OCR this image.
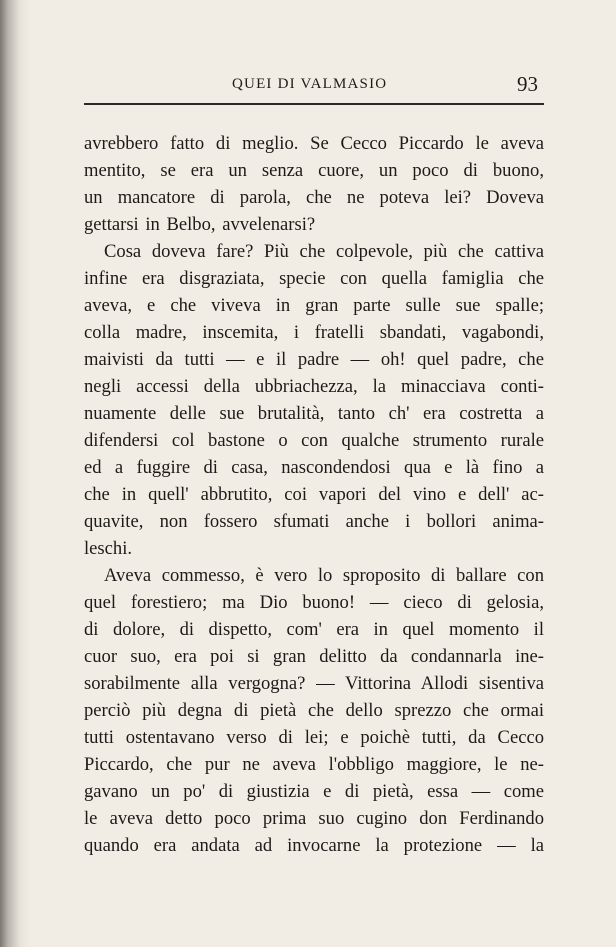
QUEI DI VALMASIO	93
avrebbero fatto di meglio. Se Cecco Piccardo le aveva
mentito, se era un senza cuore, un poco di buono,
un mancatore di parola, che ne poteva lei? Doveva
gettarsi in Belbo, avvelenarsi?
Cosa doveva fare? Più che colpevole, più che cattiva
infine era disgraziata, specie con quella famiglia che
aveva, e che viveva in gran parte sulle sue spalle;
colla madre, inscemita, i fratelli sbandati, vagabondi,
maivisti da tutti — e il padre — oh! quel padre, che
negli accessi della ubbriachezza, la minacciava conti-
nuamente delle sue brutalità, tanto ch' era costretta a
difendersi col bastone o con qualche strumento rurale
ed a fuggire di casa, nascondendosi qua e là fino a
che in quell' abbrutito, coi vapori del vino e dell' ac-
quavite, non fossero sfumati anche i bollori anima-
leschi.
Aveva commesso, è vero lo sproposito di ballare con
quel forestiero; ma Dio buono! — cieco di gelosia,
di dolore, di dispetto, com' era in quel momento il
cuor suo, era poi si gran delitto da condannarla ine-
sorabilmente alla vergogna? — Vittorina Allodi sisentiva
perciò più degna di pietà che dello sprezzo che ormai
tutti ostentavano verso di lei; e poichè tutti, da Cecco
Piccardo, che pur ne aveva l'obbligo maggiore, le ne-
gavano un po' di giustizia e di pietà, essa — come
le aveva detto poco prima suo cugino don Ferdinando
quando era andata ad invocarne la protezione — la
